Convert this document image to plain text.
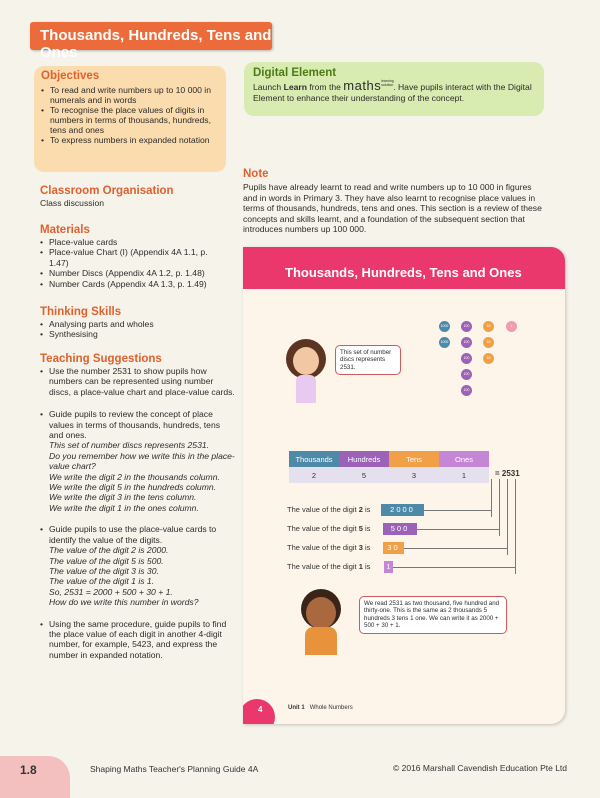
Thousands, Hundreds, Tens and Ones
Objectives
• To read and write numbers up to 10 000 in numerals and in words
• To recognise the place values of digits in numbers in terms of thousands, hundreds, tens and ones
• To express numbers in expanded notation
Classroom Organisation
Class discussion
Materials
• Place-value cards
• Place-value Chart (I) (Appendix 4A 1.1, p. 1.47)
• Number Discs (Appendix 4A 1.2, p. 1.48)
• Number Cards (Appendix 4A 1.3, p. 1.49)
Thinking Skills
• Analysing parts and wholes
• Synthesising
Teaching Suggestions
• Use the number 2531 to show pupils how numbers can be represented using number discs, a place-value chart and place-value cards.
• Guide pupils to review the concept of place values in terms of thousands, hundreds, tens and ones.
This set of number discs represents 2531.
Do you remember how we write this in the place-value chart?
We write the digit 2 in the thousands column.
We write the digit 5 in the hundreds column.
We write the digit 3 in the tens column.
We write the digit 1 in the ones column.
• Guide pupils to use the place-value cards to identify the value of the digits.
The value of the digit 2 is 2000.
The value of the digit 5 is 500.
The value of the digit 3 is 30.
The value of the digit 1 is 1.
So, 2531 = 2000 + 500 + 30 + 1.
How do we write this number in words?
• Using the same procedure, guide pupils to find the place value of each digit in another 4-digit number, for example, 5423, and express the number in expanded notation.
Digital Element
Launch Learn from the maths$^{learning solution}$. Have pupils interact with the Digital Element to enhance their understanding of the concept.
Note
Pupils have already learnt to read and write numbers up to 10 000 in figures and in words in Primary 3. They have also learnt to recognise place values in terms of thousands, hundreds, tens and ones. This section is a review of these concepts and skills learnt, and a foundation of the subsequent section that introduces numbers up 100 000.
Thousands, Hundreds, Tens and Ones
This set of number discs represents 2531.
1000
1000
100
100
100
100
100
10
10
10
1
Thousands	Hundreds	Tens	Ones
2	5	3	1	= 2531
The value of the digit 2 is	2000
The value of the digit 5 is	500
The value of the digit 3 is	30
The value of the digit 1 is	1
We read 2531 as two thousand, five hundred and thirty-one. This is the same as 2 thousands 5 hundreds 3 tens 1 one. We can write it as 2000 + 500 + 30 + 1.
4	Unit 1 Whole Numbers
1.8	Shaping Maths Teacher's Planning Guide 4A	© 2016 Marshall Cavendish Education Pte Ltd
